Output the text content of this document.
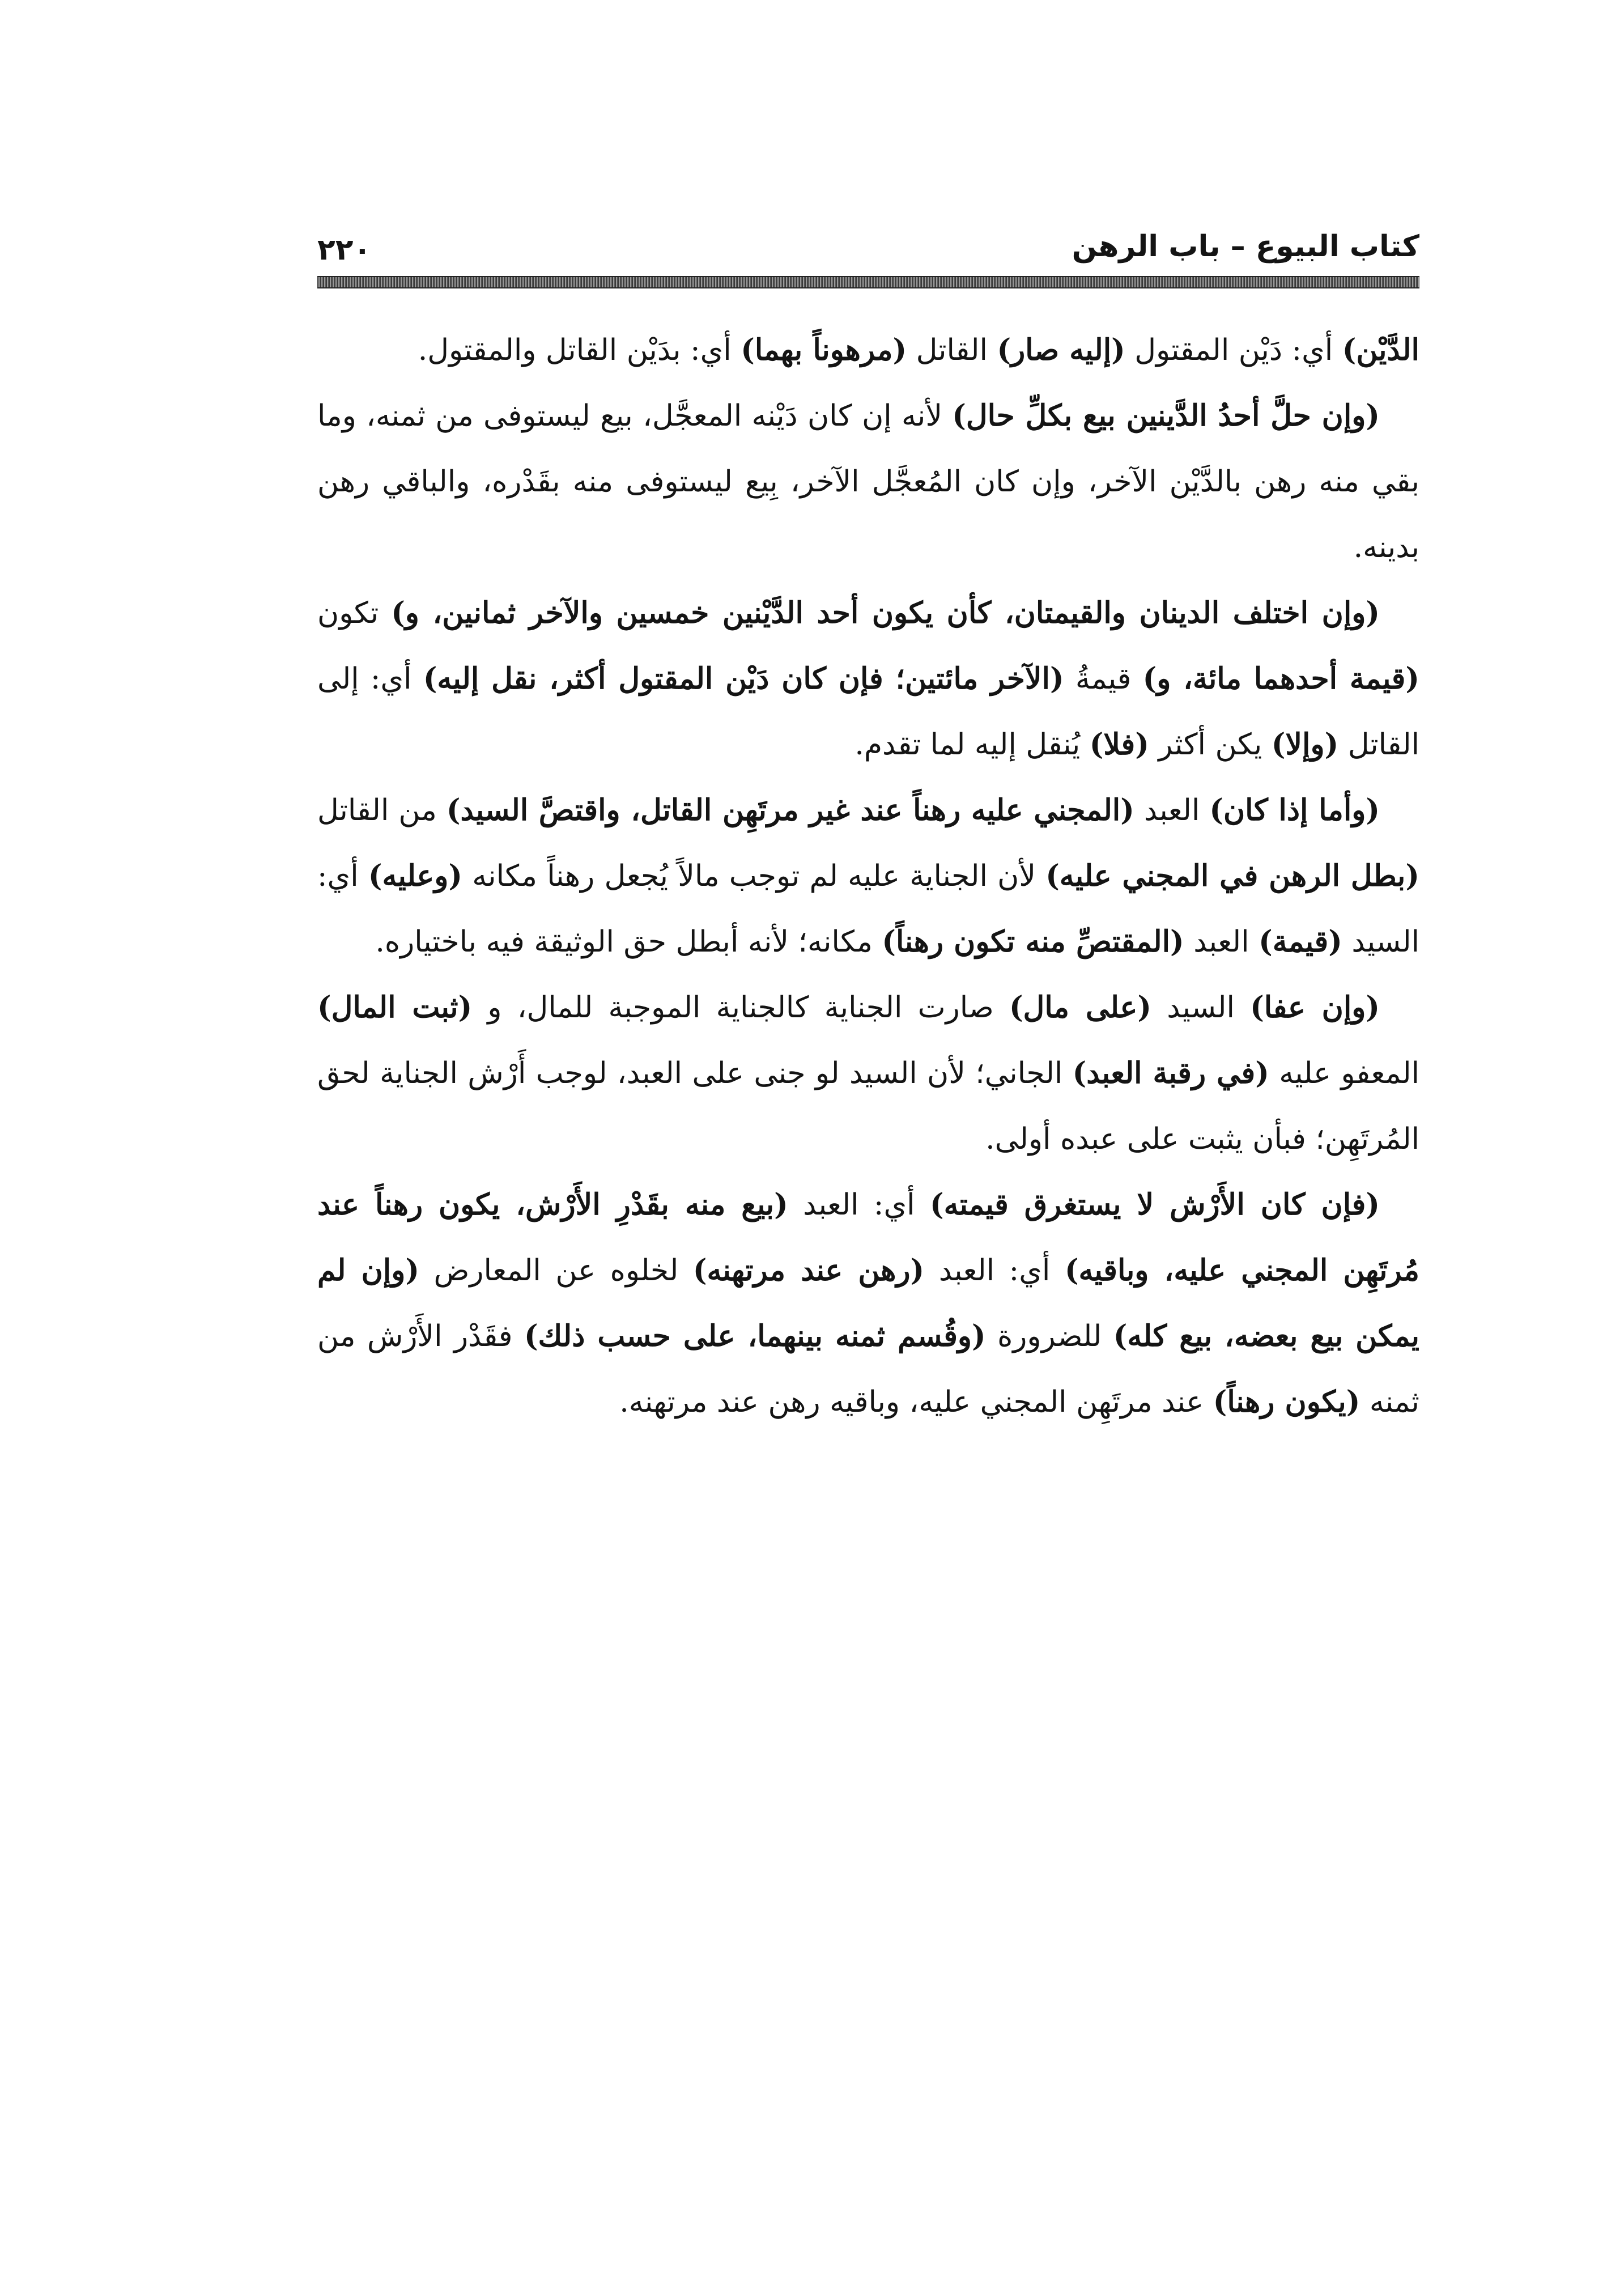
كتاب البيوع – باب الرهن
٢٢٠

الدَّيْن) أي: دَيْن المقتول (إليه صار) القاتل (مرهوناً بهما) أي: بدَيْن القاتل والمقتول.

(وإن حلَّ أحدُ الدَّينين بيع بكلِّ حال) لأنه إن كان دَيْنه المعجَّل، بيع ليستوفى من ثمنه، وما بقي منه رهن بالدَّيْن الآخر، وإن كان المُعجَّل الآخر، بِيع ليستوفى منه بقَدْره، والباقي رهن بدينه.

(وإن اختلف الدينان والقيمتان، كأن يكون أحد الدَّيْنين خمسين والآخر ثمانين، و) تكون (قيمة أحدهما مائة، و) قيمةُ (الآخر مائتين؛ فإن كان دَيْن المقتول أكثر، نقل إليه) أي: إلى القاتل (وإلا) يكن أكثر (فلا) يُنقل إليه لما تقدم.

(وأما إذا كان) العبد (المجني عليه رهناً عند غير مرتَهِن القاتل، واقتصَّ السيد) من القاتل (بطل الرهن في المجني عليه) لأن الجناية عليه لم توجب مالاً يُجعل رهناً مكانه (وعليه) أي: السيد (قيمة) العبد (المقتصِّ منه تكون رهناً) مكانه؛ لأنه أبطل حق الوثيقة فيه باختياره.

(وإن عفا) السيد (على مال) صارت الجناية كالجناية الموجبة للمال، و (ثبت المال) المعفو عليه (في رقبة العبد) الجاني؛ لأن السيد لو جنى على العبد، لوجب أَرْش الجناية لحق المُرتَهِن؛ فبأن يثبت على عبده أولى.

(فإن كان الأَرْش لا يستغرق قيمته) أي: العبد (بيع منه بقَدْرِ الأَرْش، يكون رهناً عند مُرتَهِن المجني عليه، وباقيه) أي: العبد (رهن عند مرتهنه) لخلوه عن المعارض (وإن لم يمكن بيع بعضه، بيع كله) للضرورة (وقُسم ثمنه بينهما، على حسب ذلك) فقَدْر الأَرْش من ثمنه (يكون رهناً) عند مرتَهِن المجني عليه، وباقيه رهن عند مرتهنه.
